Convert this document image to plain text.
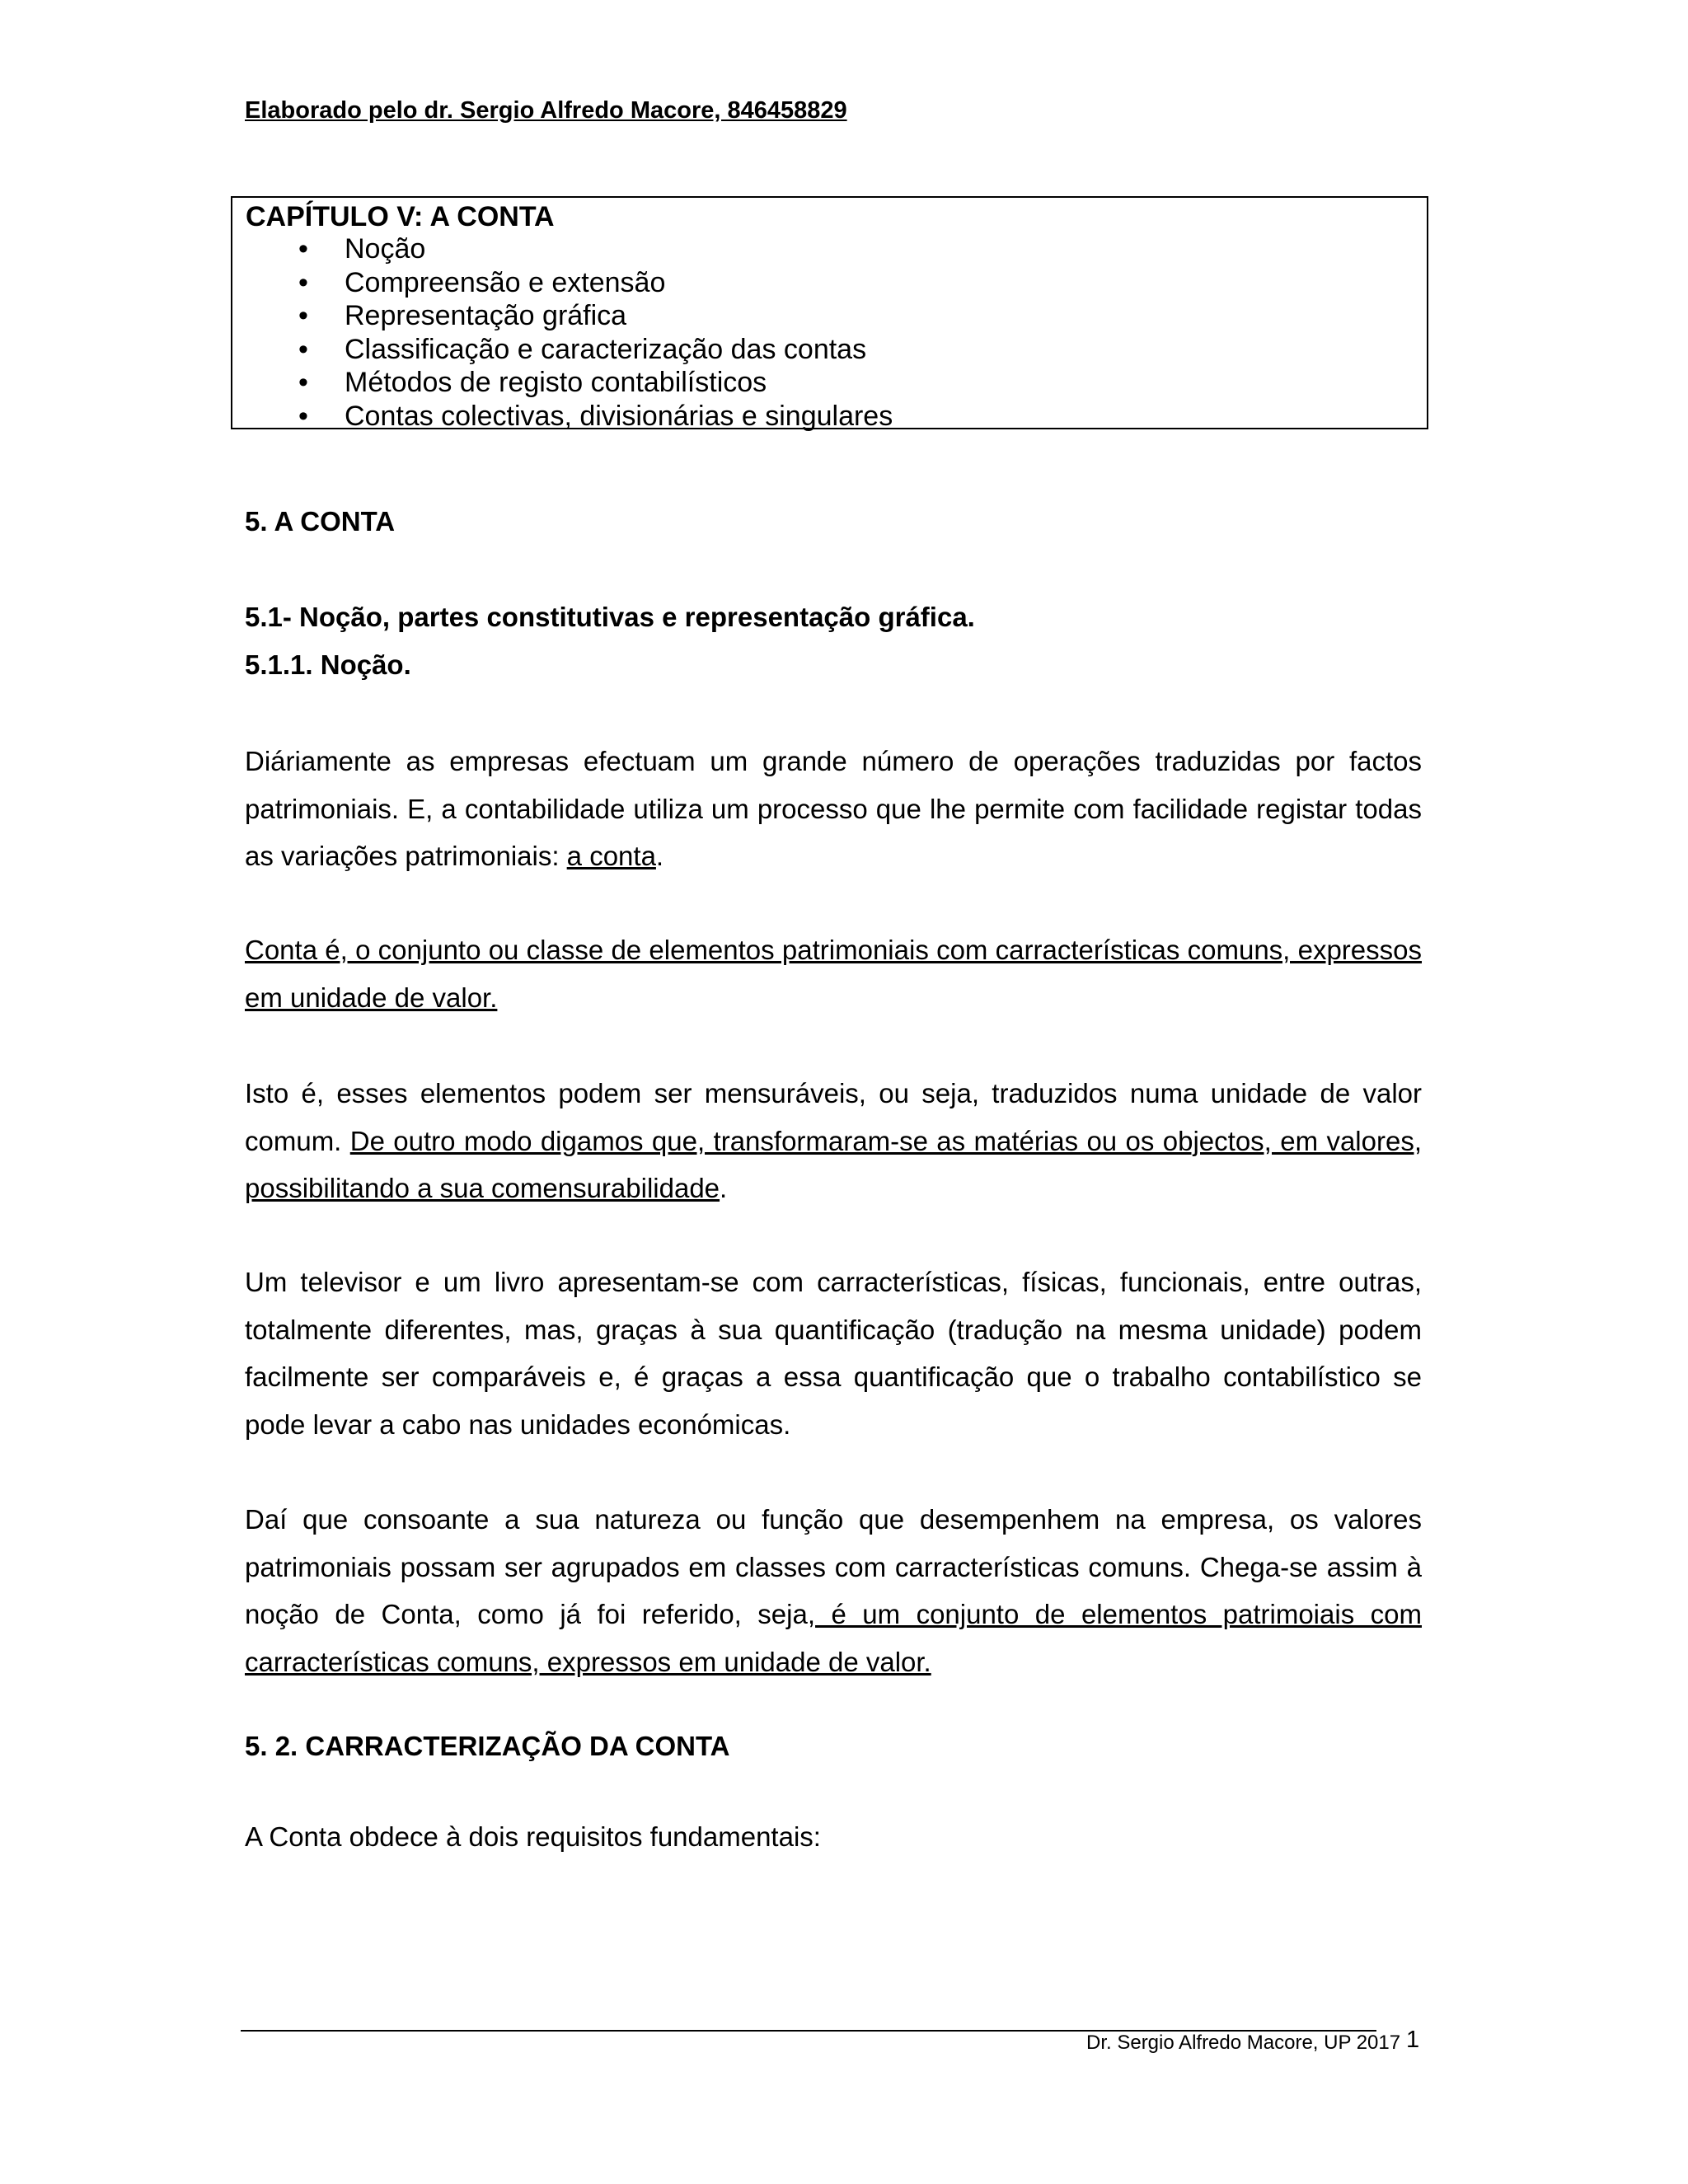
Elaborado pelo dr. Sergio Alfredo Macore, 846458829
CAPÍTULO V: A CONTA
• Noção
• Compreensão e extensão
• Representação gráfica
• Classificação e caracterização das contas
• Métodos de registo contabilísticos
• Contas colectivas, divisionárias e singulares
5. A CONTA
5.1- Noção, partes constitutivas e representação gráfica.
5.1.1. Noção.

Diáriamente as empresas efectuam um grande número de operações traduzidas por factos patrimoniais. E, a contabilidade utiliza um processo que lhe permite com facilidade registar todas as variações patrimoniais: a conta.

Conta é, o conjunto ou classe de elementos patrimoniais com carracterísticas comuns, expressos em unidade de valor.

Isto é, esses elementos podem ser mensuráveis, ou seja, traduzidos numa unidade de valor comum. De outro modo digamos que, transformaram-se as matérias ou os objectos, em valores, possibilitando a sua comensurabilidade.

Um televisor e um livro apresentam-se com carracterísticas, físicas, funcionais, entre outras, totalmente diferentes, mas, graças à sua quantificação (tradução na mesma unidade) podem facilmente ser comparáveis e, é graças a essa quantificação que o trabalho contabilístico se pode levar a cabo nas unidades económicas.

Daí que consoante a sua natureza ou função que desempenhem na empresa, os valores patrimoniais possam ser agrupados em classes com carracterísticas comuns. Chega-se assim à noção de Conta, como já foi referido, seja, é um conjunto de elementos patrimoiais com carracterísticas comuns, expressos em unidade de valor.

5. 2. CARRACTERIZAÇÃO DA CONTA

A Conta obdece à dois requisitos fundamentais:

Dr. Sergio Alfredo Macore, UP 2017 1
